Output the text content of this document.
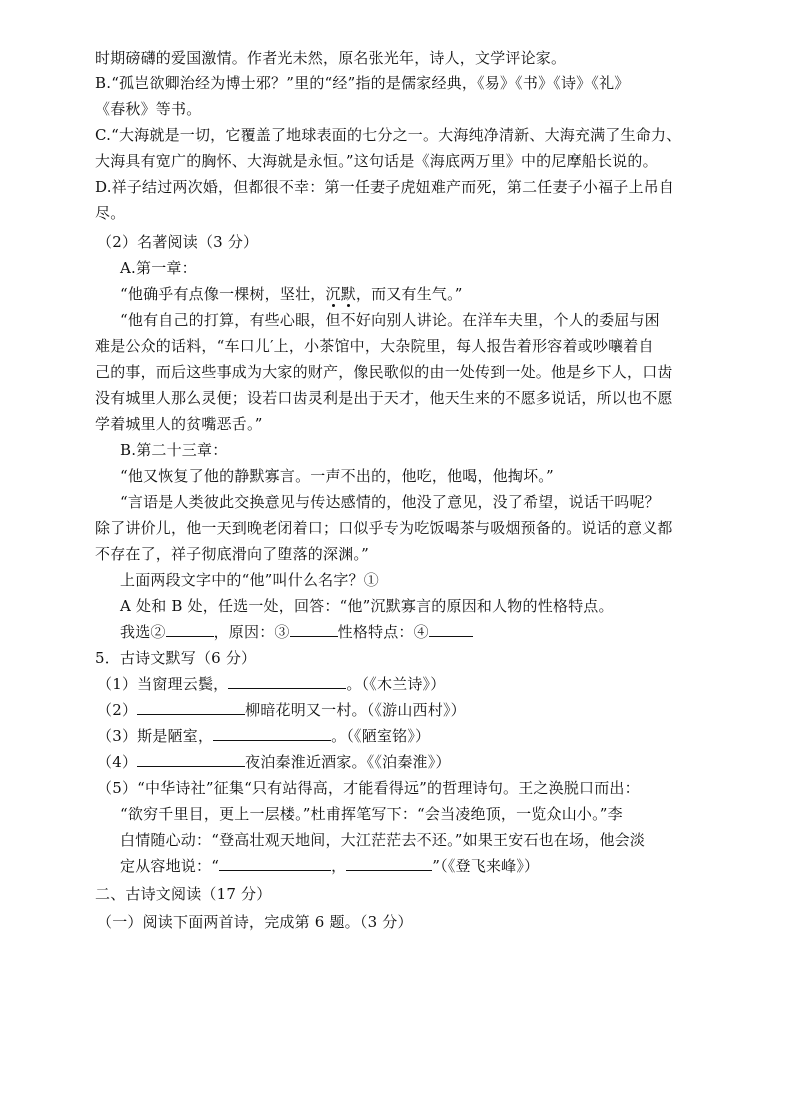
时期磅礴的爱国激情。作者光未然，原名张光年，诗人，文学评论家。
B.“孤岂欲卿治经为博士邪？”里的“经”指的是儒家经典，《易》《书》《诗》《礼》
《春秋》等书。
C.“大海就是一切，它覆盖了地球表面的七分之一。大海纯净清新、大海充满了生命力、
大海具有宽广的胸怀、大海就是永恒。”这句话是《海底两万里》中的尼摩船长说的。
D.祥子结过两次婚，但都很不幸：第一任妻子虎妞难产而死，第二任妻子小福子上吊自
尽。
（2）名著阅读（3 分）
A.第一章：
“他确乎有点像一棵树，坚壮，沉默，而又有生气。”
“他有自己的打算，有些心眼，但不好向别人讲论。在洋车夫里，个人的委屈与困
难是公众的话料，“车口儿′上，小茶馆中，大杂院里，每人报告着形容着或吵嚷着自
己的事，而后这些事成为大家的财产，像民歌似的由一处传到一处。他是乡下人，口齿
没有城里人那么灵便；设若口齿灵利是出于天才，他天生来的不愿多说话，所以也不愿
学着城里人的贫嘴恶舌。”
B.第二十三章：
“他又恢复了他的静默寡言。一声不出的，他吃，他喝，他掏坏。”
“言语是人类彼此交换意见与传达感情的，他没了意见，没了希望，说话干吗呢？
除了讲价儿，他一天到晚老闭着口；口似乎专为吃饭喝茶与吸烟预备的。说话的意义都
不存在了，祥子彻底滑向了堕落的深渊。”
上面两段文字中的“他”叫什么名字？①
A 处和 B 处，任选一处，回答：“他”沉默寡言的原因和人物的性格特点。
我选②	，原因：③	性格特点：④
5．古诗文默写（6 分）
（1）当窗理云鬓，	。（《木兰诗》）
（2）	柳暗花明又一村。（《游山西村》）
（3）斯是陋室，	。（《陋室铭》）
（4）	夜泊秦淮近酒家。《《泊秦淮》）
（5）“中华诗社”征集“只有站得高，才能看得远”的哲理诗句。王之涣脱口而出：
“欲穷千里目，更上一层楼。”杜甫挥笔写下：“会当凌绝顶，一览众山小。”李
白情随心动：“登高壮观天地间，大江茫茫去不还。”如果王安石也在场，他会淡
定从容地说：“	，	”（《登飞来峰》）
二、古诗文阅读（17 分）
（一）阅读下面两首诗，完成第 6 题。（3 分）
